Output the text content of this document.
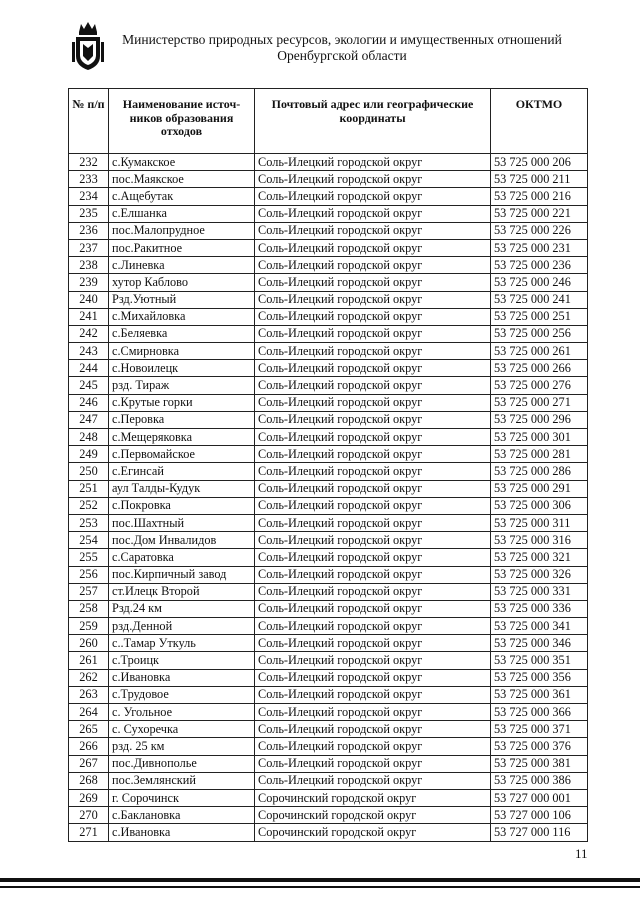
Министерство природных ресурсов, экологии и имущественных отношений
Оренбургской области
№ п/п	Наименование источ-ников образования отходов	Почтовый адрес или географические координаты	ОКТМО
232	с.Кумакское	Соль-Илецкий городской округ	53 725 000 206
233	пос.Маякское	Соль-Илецкий городской округ	53 725 000 211
234	с.Ащебутак	Соль-Илецкий городской округ	53 725 000 216
235	с.Елшанка	Соль-Илецкий городской округ	53 725 000 221
236	пос.Малопрудное	Соль-Илецкий городской округ	53 725 000 226
237	пос.Ракитное	Соль-Илецкий городской округ	53 725 000 231
238	с.Линевка	Соль-Илецкий городской округ	53 725 000 236
239	хутор Каблово	Соль-Илецкий городской округ	53 725 000 246
240	Рзд.Уютный	Соль-Илецкий городской округ	53 725 000 241
241	с.Михайловка	Соль-Илецкий городской округ	53 725 000 251
242	с.Беляевка	Соль-Илецкий городской округ	53 725 000 256
243	с.Смирновка	Соль-Илецкий городской округ	53 725 000 261
244	с.Новоилецк	Соль-Илецкий городской округ	53 725 000 266
245	рзд. Тираж	Соль-Илецкий городской округ	53 725 000 276
246	с.Крутые горки	Соль-Илецкий городской округ	53 725 000 271
247	с.Перовка	Соль-Илецкий городской округ	53 725 000 296
248	с.Мещеряковка	Соль-Илецкий городской округ	53 725 000 301
249	с.Первомайское	Соль-Илецкий городской округ	53 725 000 281
250	с.Егинсай	Соль-Илецкий городской округ	53 725 000 286
251	аул Талды-Кудук	Соль-Илецкий городской округ	53 725 000 291
252	с.Покровка	Соль-Илецкий городской округ	53 725 000 306
253	пос.Шахтный	Соль-Илецкий городской округ	53 725 000 311
254	пос.Дом Инвалидов	Соль-Илецкий городской округ	53 725 000 316
255	с.Саратовка	Соль-Илецкий городской округ	53 725 000 321
256	пос.Кирпичный завод	Соль-Илецкий городской округ	53 725 000 326
257	ст.Илецк Второй	Соль-Илецкий городской округ	53 725 000 331
258	Рзд.24 км	Соль-Илецкий городской округ	53 725 000 336
259	рзд.Денной	Соль-Илецкий городской округ	53 725 000 341
260	с..Тамар Уткуль	Соль-Илецкий городской округ	53 725 000 346
261	с.Троицк	Соль-Илецкий городской округ	53 725 000 351
262	с.Ивановка	Соль-Илецкий городской округ	53 725 000 356
263	с.Трудовое	Соль-Илецкий городской округ	53 725 000 361
264	с. Угольное	Соль-Илецкий городской округ	53 725 000 366
265	с. Сухоречка	Соль-Илецкий городской округ	53 725 000 371
266	рзд. 25 км	Соль-Илецкий городской округ	53 725 000 376
267	пос.Дивнополье	Соль-Илецкий городской округ	53 725 000 381
268	пос.Землянский	Соль-Илецкий городской округ	53 725 000 386
269	г. Сорочинск	Сорочинский городской округ	53 727 000 001
270	с.Баклановка	Сорочинский городской округ	53 727 000 106
271	с.Ивановка	Сорочинский городской округ	53 727 000 116
11
